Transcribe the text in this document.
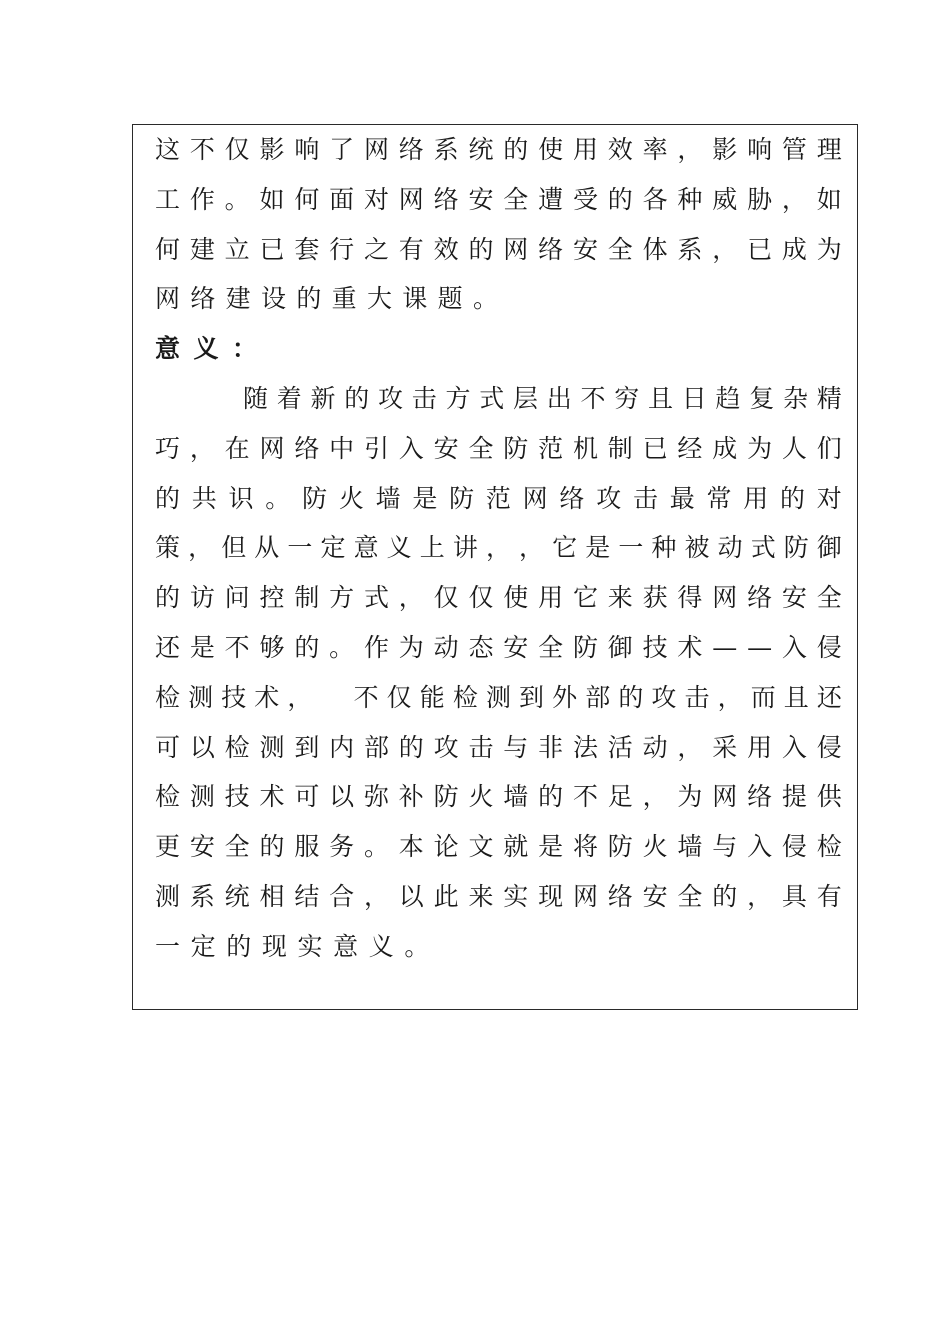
这 不 仅 影 响 了 网 络 系 统 的 使 用 效 率 ， 影 响 管 理
工 作 。 如 何 面 对 网 络 安 全 遭 受 的 各 种 威 胁 ， 如
何 建 立 已 套 行 之 有 效 的 网 络 安 全 体 系 ， 已 成 为
网 络 建 设 的 重 大 课 题 。
意 义 ：
随 着 新 的 攻 击 方 式 层 出 不 穷 且 日 趋 复 杂 精
巧 ， 在 网 络 中 引 入 安 全 防 范 机 制 已 经 成 为 人 们
的 共 识 。 防 火 墙 是 防 范 网 络 攻 击 最 常 用 的 对
策 ， 但 从 一 定 意 义 上 讲 ， ， 它 是 一 种 被 动 式 防 御
的 访 问 控 制 方 式 ， 仅 仅 使 用 它 来 获 得 网 络 安 全
还 是 不 够 的 。 作 为 动 态 安 全 防 御 技 术 — — 入 侵
检 测 技 术 ，
　 不 仅 能 检 测 到 外 部 的 攻 击 ， 而 且 还
可 以 检 测 到 内 部 的 攻 击 与 非 法 活 动 ， 采 用 入 侵
检 测 技 术 可 以 弥 补 防 火 墙 的 不 足 ， 为 网 络 提 供
更 安 全 的 服 务 。 本 论 文 就 是 将 防 火 墙 与 入 侵 检
测 系 统 相 结 合 ， 以 此 来 实 现 网 络 安 全 的 ， 具 有
一 定 的 现 实 意 义 。
